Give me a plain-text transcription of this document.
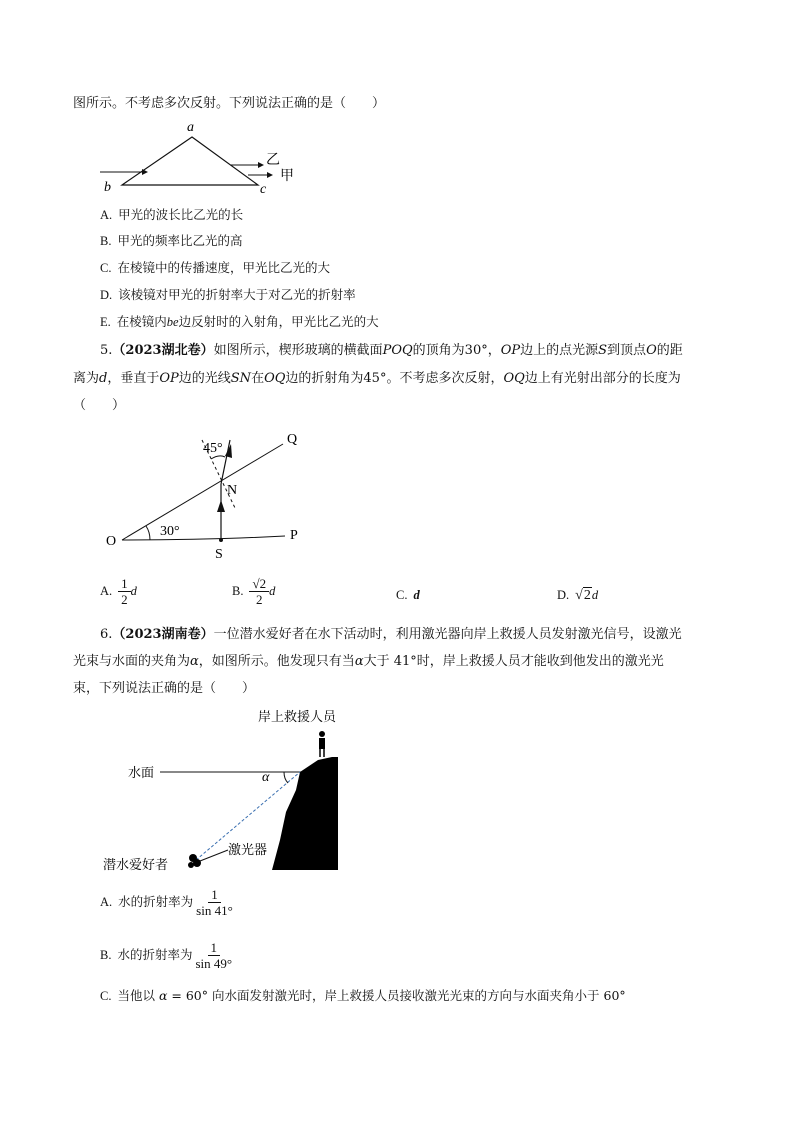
图所示。不考虑多次反射。下列说法正确的是（　　）
a
b	c
乙
甲
A. 甲光的波长比乙光的长
B. 甲光的频率比乙光的高
C. 在棱镜中的传播速度，甲光比乙光的大
D. 该棱镜对甲光的折射率大于对乙光的折射率
E. 在棱镜内be边反射时的入射角，甲光比乙光的大
5.（2023湖北卷）如图所示，楔形玻璃的横截面POQ的顶角为30°，OP边上的点光源S到顶点O的距
离为d，垂直于OP边的光线SN在OQ边的折射角为45°。不考虑多次反射，OQ边上有光射出部分的长度为
（　　）
45°
Q
N
O
30°	P
S
A. $\frac{1}{2}$ d	B. $\frac{√2}{2}$ d	C. d	D. √2d
6.（2023湖南卷）一位潜水爱好者在水下活动时，利用激光器向岸上救援人员发射激光信号，设激光
光束与水面的夹角为α，如图所示。他发现只有当α大于 41°时，岸上救援人员才能收到他发出的激光光
束，下列说法正确的是（　　）
岸上救援人员
水面	α
潜水爱好者
激光器
A. 水的折射率为 $\frac{1}{\sin 41^\circ}$
B. 水的折射率为 $\frac{1}{\sin 49^\circ}$
C. 当他以 α = 60° 向水面发射激光时，岸上救援人员接收激光光束的方向与水面夹角小于 60°
